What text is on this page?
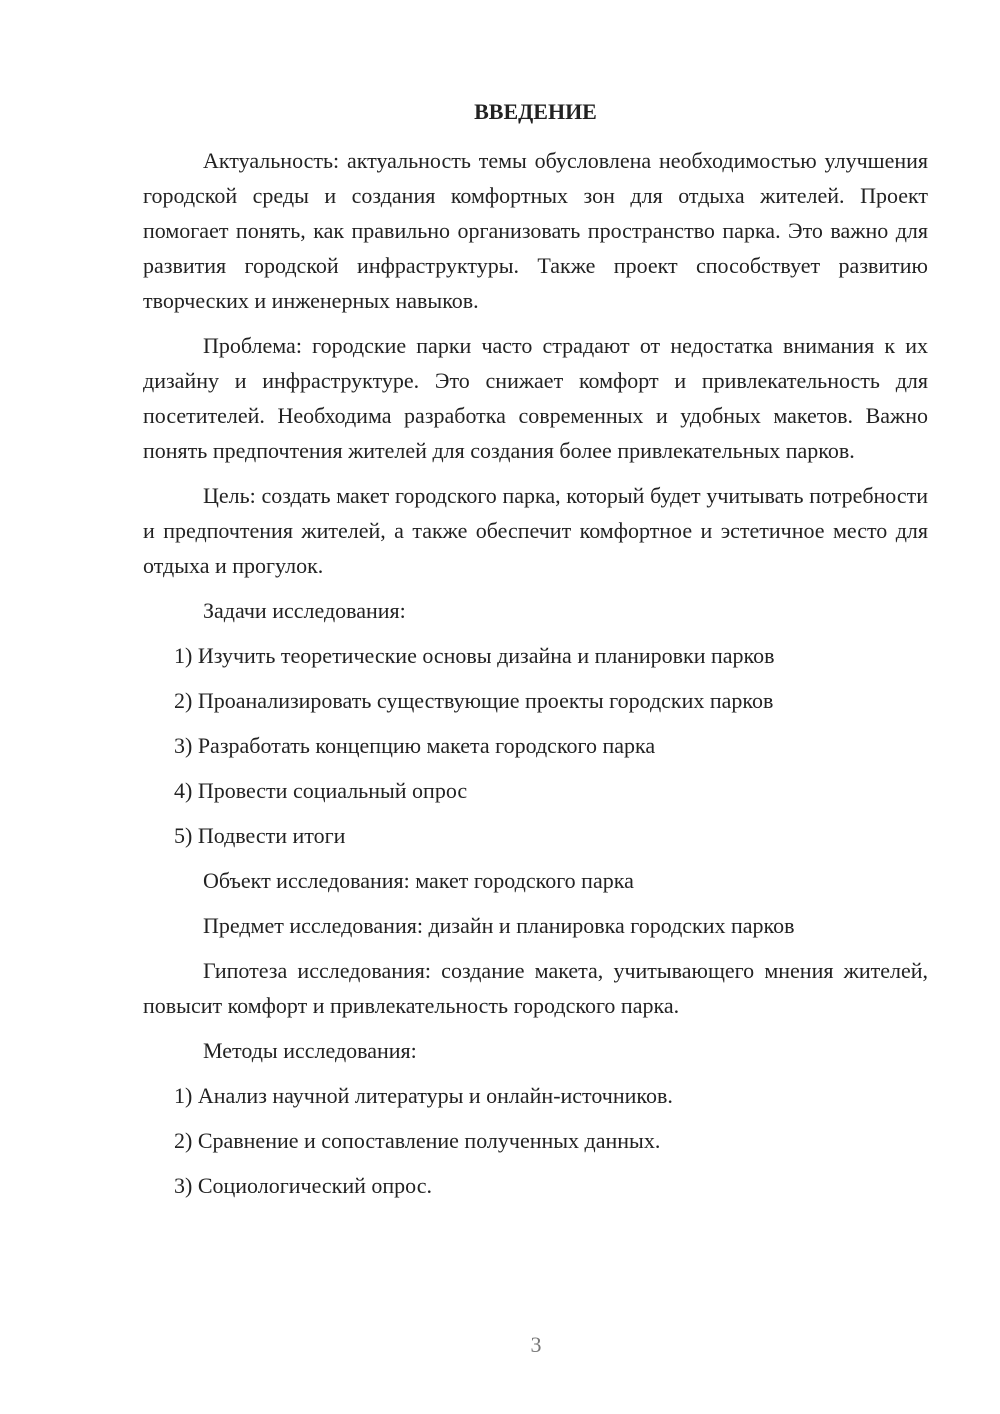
ВВЕДЕНИЕ

Актуальность: актуальность темы обусловлена необходимостью улучшения городской среды и создания комфортных зон для отдыха жителей. Проект помогает понять, как правильно организовать пространство парка. Это важно для развития городской инфраструктуры. Также проект способствует развитию творческих и инженерных навыков.

Проблема: городские парки часто страдают от недостатка внимания к их дизайну и инфраструктуре. Это снижает комфорт и привлекательность для посетителей. Необходима разработка современных и удобных макетов. Важно понять предпочтения жителей для создания более привлекательных парков.

Цель: создать макет городского парка, который будет учитывать потребности и предпочтения жителей, а также обеспечит комфортное и эстетичное место для отдыха и прогулок.

Задачи исследования:

1) Изучить теоретические основы дизайна и планировки парков

2) Проанализировать существующие проекты городских парков

3) Разработать концепцию макета городского парка

4) Провести социальный опрос

5) Подвести итоги

Объект исследования: макет городского парка

Предмет исследования: дизайн и планировка городских парков

Гипотеза исследования: создание макета, учитывающего мнения жителей, повысит комфорт и привлекательность городского парка.

Методы исследования:

1) Анализ научной литературы и онлайн-источников.

2) Сравнение и сопоставление полученных данных.

3) Социологический опрос.

3
